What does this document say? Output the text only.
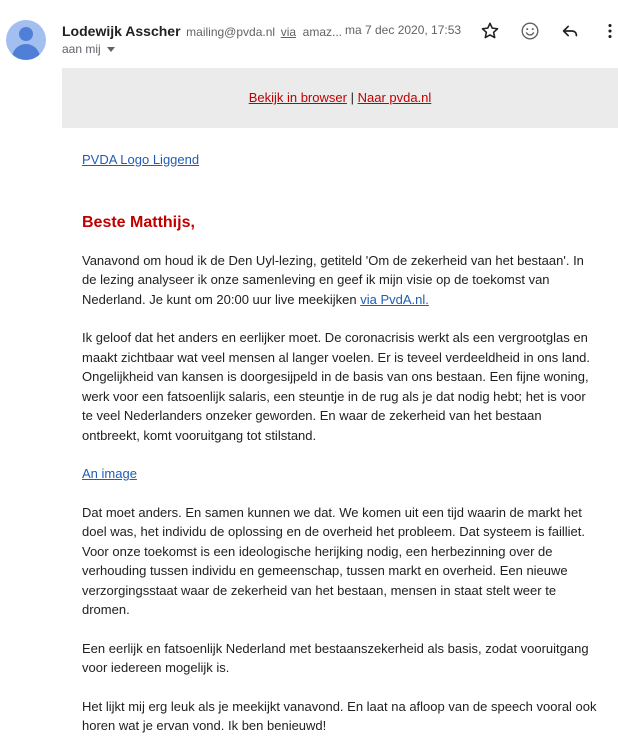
Lodewijk Asscher mailing@pvda.nl via amaz... ma 7 dec 2020, 17:53
aan mij
Bekijk in browser | Naar pvda.nl
PVDA Logo Liggend
Beste Matthijs,

Vanavond om houd ik de Den Uyl-lezing, getiteld 'Om de zekerheid van het bestaan'. In de lezing analyseer ik onze samenleving en geef ik mijn visie op de toekomst van Nederland. Je kunt om 20:00 uur live meekijken via PvdA.nl.

Ik geloof dat het anders en eerlijker moet. De coronacrisis werkt als een vergrootglas en maakt zichtbaar wat veel mensen al langer voelen. Er is teveel verdeeldheid in ons land. Ongelijkheid van kansen is doorgesijpeld in de basis van ons bestaan. Een fijne woning, werk voor een fatsoenlijk salaris, een steuntje in de rug als je dat nodig hebt; het is voor te veel Nederlanders onzeker geworden. En waar de zekerheid van het bestaan ontbreekt, komt vooruitgang tot stilstand.

An image

Dat moet anders. En samen kunnen we dat. We komen uit een tijd waarin de markt het doel was, het individu de oplossing en de overheid het probleem. Dat systeem is failliet. Voor onze toekomst is een ideologische herijking nodig, een herbezinning over de verhouding tussen individu en gemeenschap, tussen markt en overheid. Een nieuwe verzorgingsstaat waar de zekerheid van het bestaan, mensen in staat stelt weer te dromen.

Een eerlijk en fatsoenlijk Nederland met bestaanszekerheid als basis, zodat vooruitgang voor iedereen mogelijk is.

Het lijkt mij erg leuk als je meekijkt vanavond. En laat na afloop van de speech vooral ook horen wat je ervan vond. Ik ben benieuwd!
